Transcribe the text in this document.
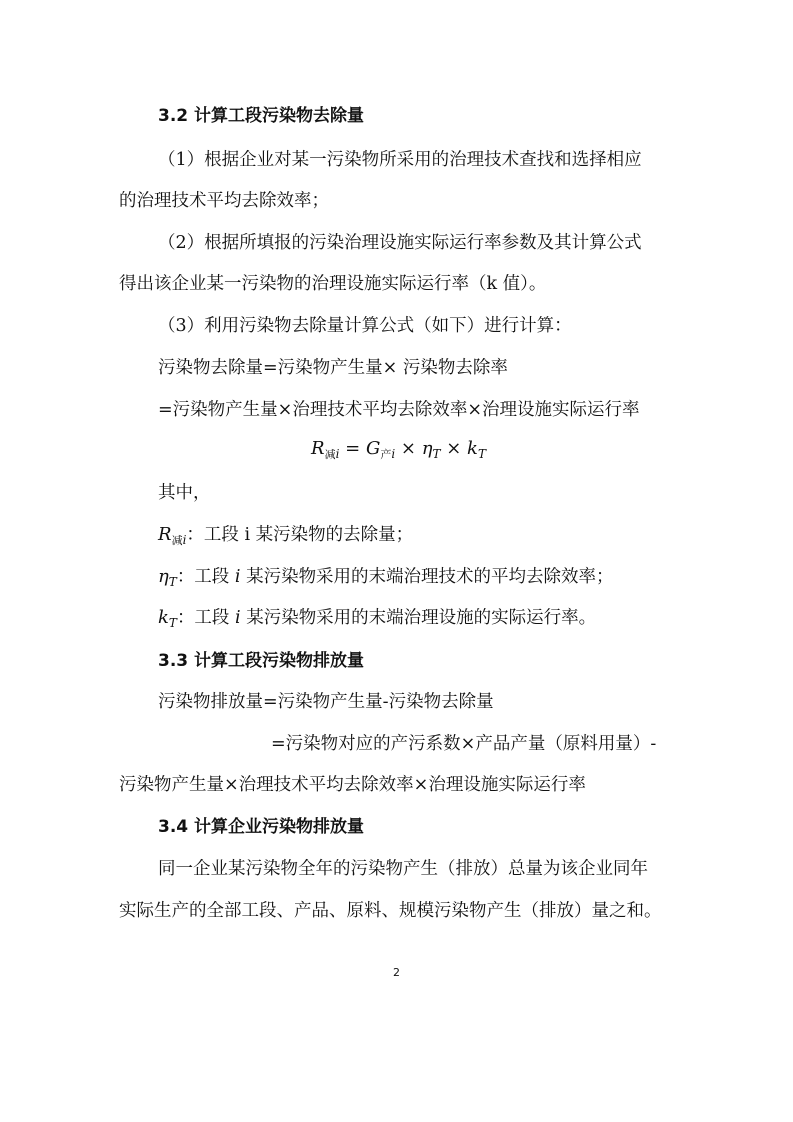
3.2 计算工段污染物去除量
（1）根据企业对某一污染物所采用的治理技术查找和选择相应
的治理技术平均去除效率；
（2）根据所填报的污染治理设施实际运行率参数及其计算公式
得出该企业某一污染物的治理设施实际运行率（k 值）。
（3）利用污染物去除量计算公式（如下）进行计算：
污染物去除量=污染物产生量× 污染物去除率
=污染物产生量×治理技术平均去除效率×治理设施实际运行率
$R_{减i} = G_{产i} \times \eta_T \times k_T$
其中，
$R_{减i}$：工段 i 某污染物的去除量；
$\eta_T$：工段 i 某污染物采用的末端治理技术的平均去除效率；
$k_T$：工段 i 某污染物采用的末端治理设施的实际运行率。
3.3 计算工段污染物排放量
污染物排放量=污染物产生量-污染物去除量
=污染物对应的产污系数×产品产量（原料用量）-
污染物产生量×治理技术平均去除效率×治理设施实际运行率
3.4 计算企业污染物排放量
同一企业某污染物全年的污染物产生（排放）总量为该企业同年
实际生产的全部工段、产品、原料、规模污染物产生（排放）量之和。
2
